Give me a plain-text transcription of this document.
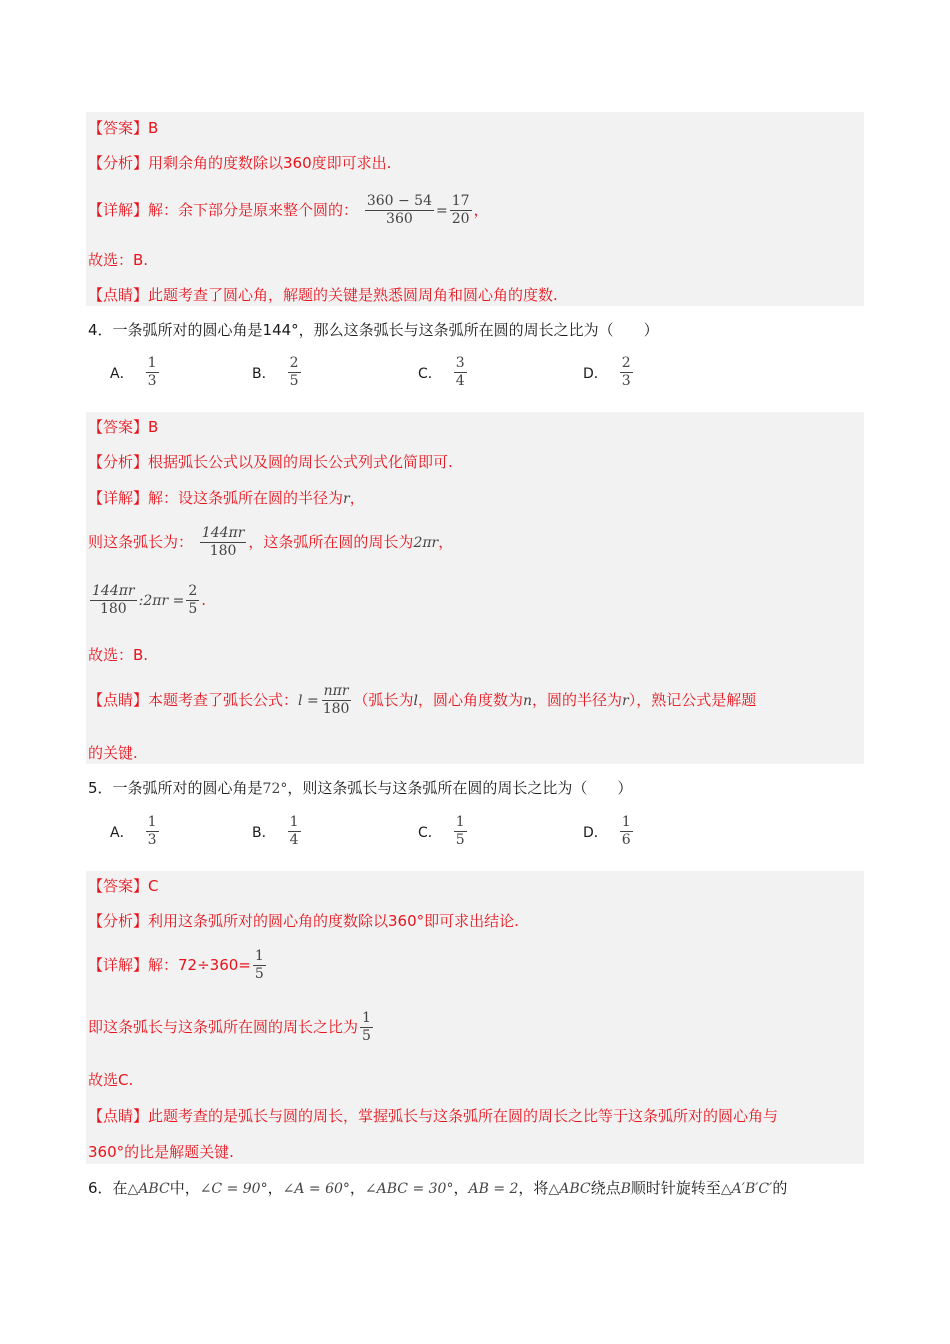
【答案】B
【分析】用剩余角的度数除以360度即可求出.
【详解】解：余下部分是原来整个圆的： $\frac{360 - 54}{360} = \frac{17}{20}$ ，
故选：B.
【点睛】此题考查了圆心角，解题的关键是熟悉圆周角和圆心角的度数.
4．一条弧所对的圆心角是144°，那么这条弧长与这条弧所在圆的周长之比为（　　）
A． $\frac{1}{3}$	B． $\frac{2}{5}$	C． $\frac{3}{4}$	D． $\frac{2}{3}$
【答案】B
【分析】根据弧长公式以及圆的周长公式列式化简即可.
【详解】解：设这条弧所在圆的半径为r，
则这条弧长为： $\frac{144\pi r}{180}$ ，这条弧所在圆的周长为2πr，
$\frac{144\pi r}{180}$ :2πr = $\frac{2}{5}$ .
故选：B.
【点睛】本题考查了弧长公式：$l = \frac{\text{nπr}}{180}$ （弧长为l，圆心角度数为n，圆的半径为r），熟记公式是解题
的关键.
5．一条弧所对的圆心角是72°，则这条弧长与这条弧所在圆的周长之比为（　　）
A． $\frac{1}{3}$	B． $\frac{1}{4}$	C． $\frac{1}{5}$	D． $\frac{1}{6}$
【答案】C
【分析】利用这条弧所对的圆心角的度数除以360°即可求出结论.
【详解】解：$72\div 360= \frac{1}{5}$
即这条弧长与这条弧所在圆的周长之比为 $\frac{1}{5}$
故选C.
【点睛】此题考查的是弧长与圆的周长，掌握弧长与这条弧所在圆的周长之比等于这条弧所对的圆心角与
360°的比是解题关键.
6．在△ABC中，∠C = 90°，∠A = 60°，∠ABC = 30°，AB = 2，将△ABC绕点B顺时针旋转至△A′B′C′的
